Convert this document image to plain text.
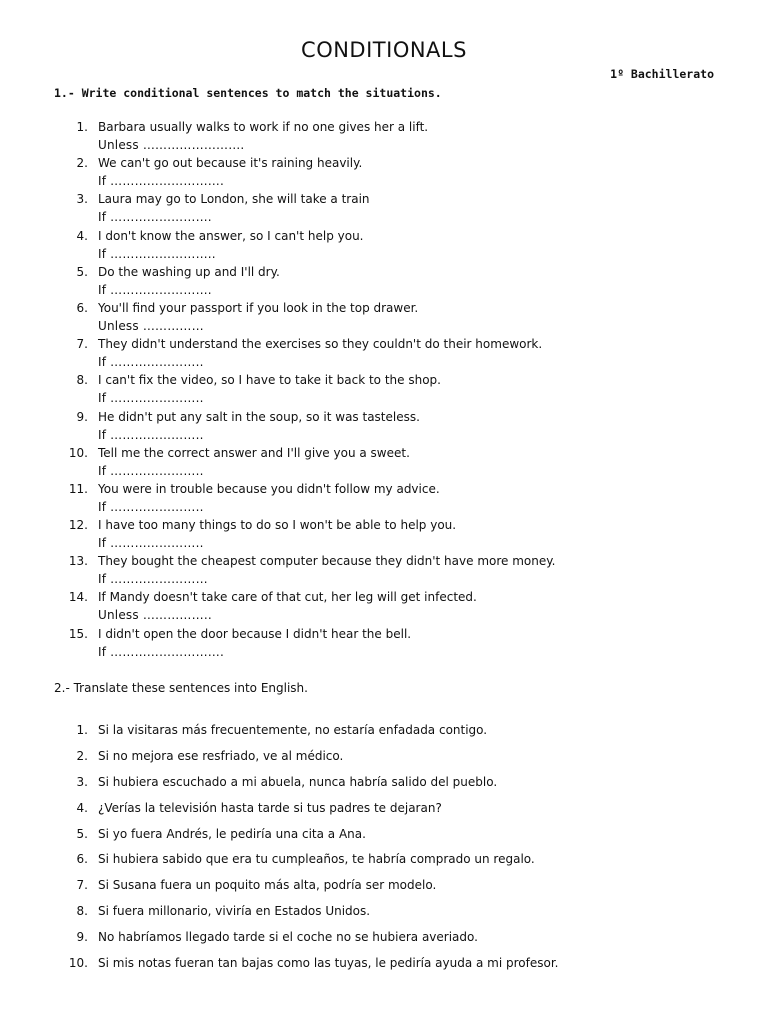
CONDITIONALS
1º Bachillerato
1.- Write conditional sentences to match the situations.
1. Barbara usually walks to work if no one gives her a lift.
Unless …………………….
2. We can't go out because it's raining heavily.
If ……………………….
3. Laura may go to London, she will take a train
If …………………….
4. I don't know the answer, so I can't help you.
If ……………………..
5. Do the washing up and I'll dry.
If …………………….
6. You'll find your passport if you look in the top drawer.
Unless ……………
7. They didn't understand the exercises so they couldn't do their homework.
If …………………..
8. I can't fix the video, so I have to take it back to the shop.
If …………………..
9. He didn't put any salt in the soup, so it was tasteless.
If …………………..
10. Tell me the correct answer and I'll give you a sweet.
If …………………..
11. You were in trouble because you didn't follow my advice.
If …………………..
12. I have too many things to do so I won't be able to help you.
If …………………..
13. They bought the cheapest computer because they didn't have more money.
If ……………………
14. If Mandy doesn't take care of that cut, her leg will get infected.
Unless ……………..
15. I didn't open the door because I didn't hear the bell.
If ……………………….
2.- Translate these sentences into English.
1. Si la visitaras más frecuentemente, no estaría enfadada contigo.
2. Si no mejora ese resfriado, ve al médico.
3. Si hubiera escuchado a mi abuela, nunca habría salido del pueblo.
4. ¿Verías la televisión hasta tarde si tus padres te dejaran?
5. Si yo fuera Andrés, le pediría una cita a Ana.
6. Si hubiera sabido que era tu cumpleaños, te habría comprado un regalo.
7. Si Susana fuera un poquito más alta, podría ser modelo.
8. Si fuera millonario, viviría en Estados Unidos.
9. No habríamos llegado tarde si el coche no se hubiera averiado.
10. Si mis notas fueran tan bajas como las tuyas, le pediría ayuda a mi profesor.
